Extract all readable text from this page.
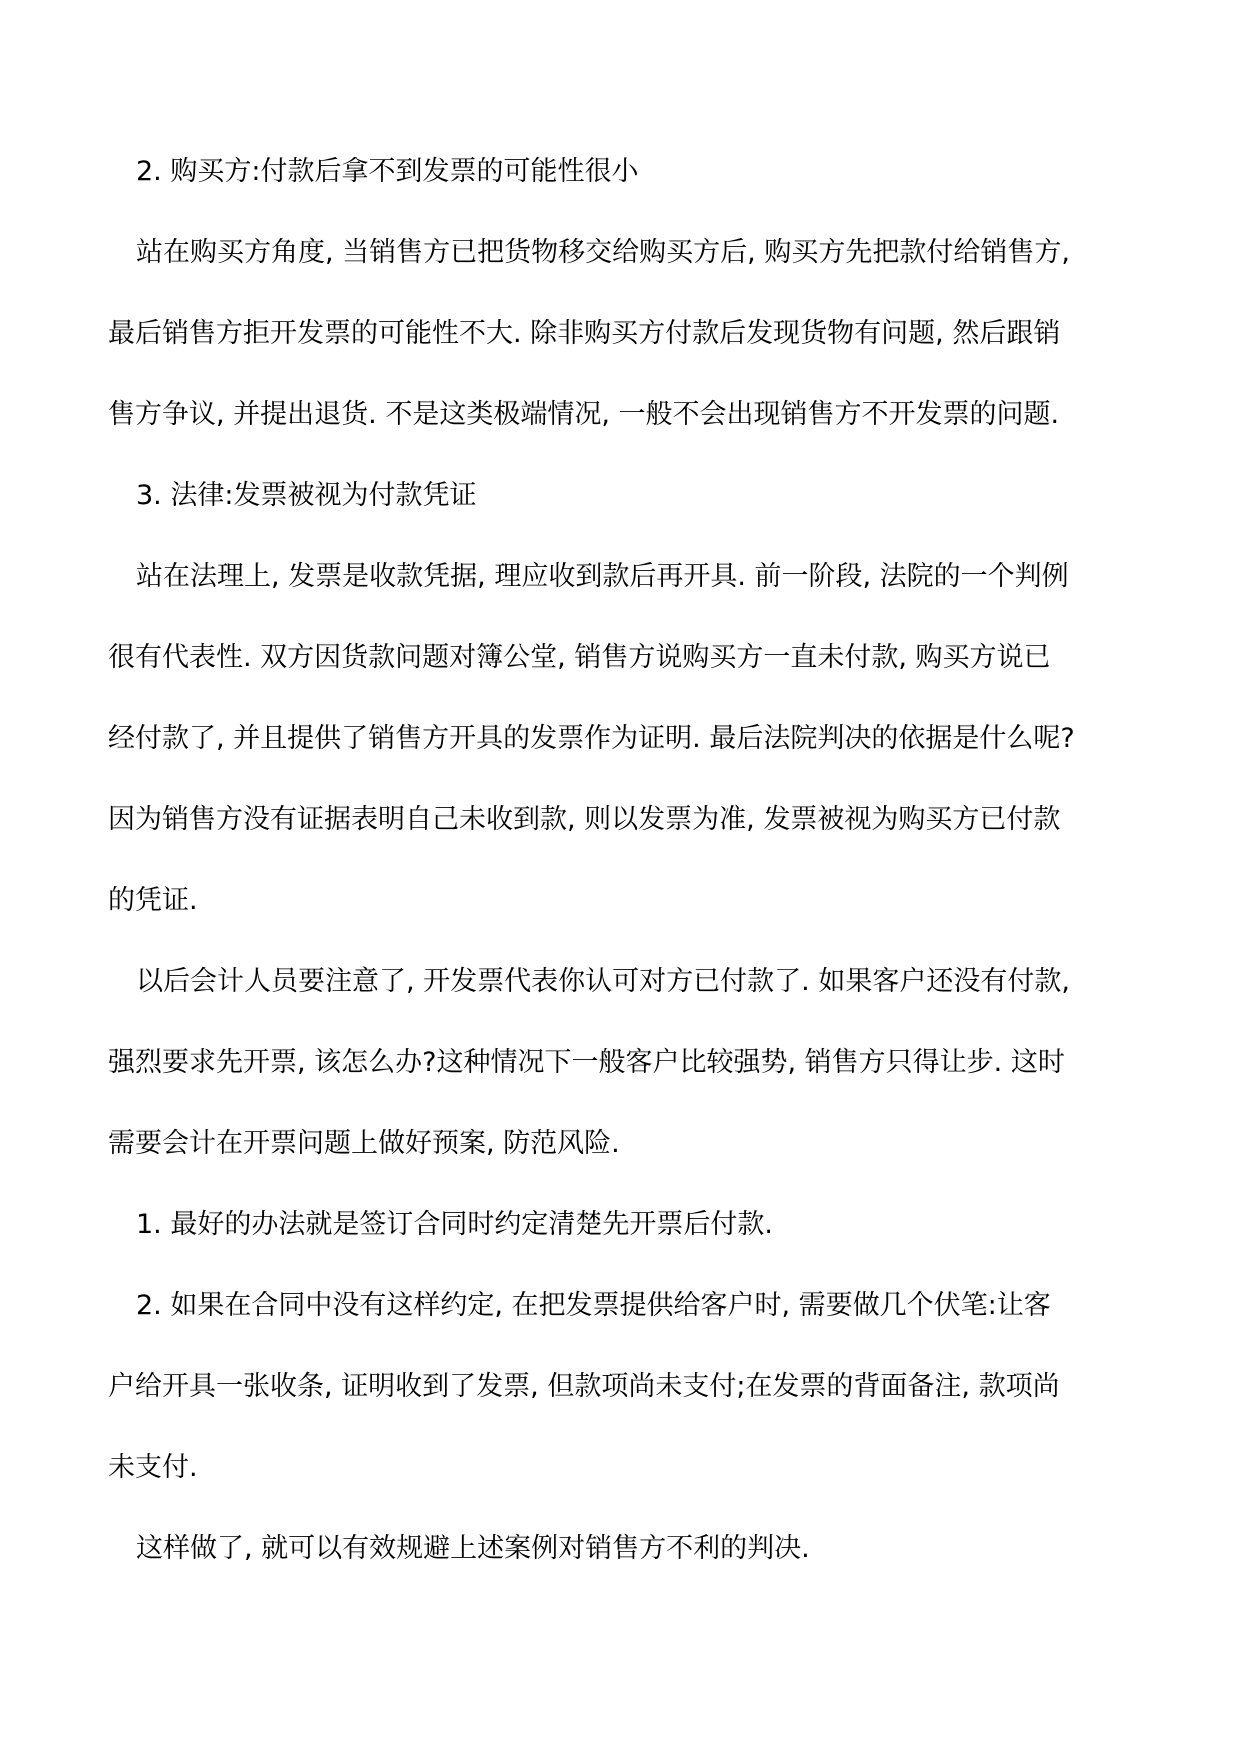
2. 购买方:付款后拿不到发票的可能性很小
站在购买方角度, 当销售方已把货物移交给购买方后, 购买方先把款付给销售方,
最后销售方拒开发票的可能性不大. 除非购买方付款后发现货物有问题, 然后跟销
售方争议, 并提出退货. 不是这类极端情况, 一般不会出现销售方不开发票的问题.
3. 法律:发票被视为付款凭证
站在法理上, 发票是收款凭据, 理应收到款后再开具. 前一阶段, 法院的一个判例
很有代表性. 双方因货款问题对簿公堂, 销售方说购买方一直未付款, 购买方说已
经付款了, 并且提供了销售方开具的发票作为证明. 最后法院判决的依据是什么呢?
因为销售方没有证据表明自己未收到款, 则以发票为准, 发票被视为购买方已付款
的凭证.
以后会计人员要注意了, 开发票代表你认可对方已付款了. 如果客户还没有付款,
强烈要求先开票, 该怎么办?这种情况下一般客户比较强势, 销售方只得让步. 这时
需要会计在开票问题上做好预案, 防范风险.
1. 最好的办法就是签订合同时约定清楚先开票后付款.
2. 如果在合同中没有这样约定, 在把发票提供给客户时, 需要做几个伏笔:让客
户给开具一张收条, 证明收到了发票, 但款项尚未支付;在发票的背面备注, 款项尚
未支付.
这样做了, 就可以有效规避上述案例对销售方不利的判决.
